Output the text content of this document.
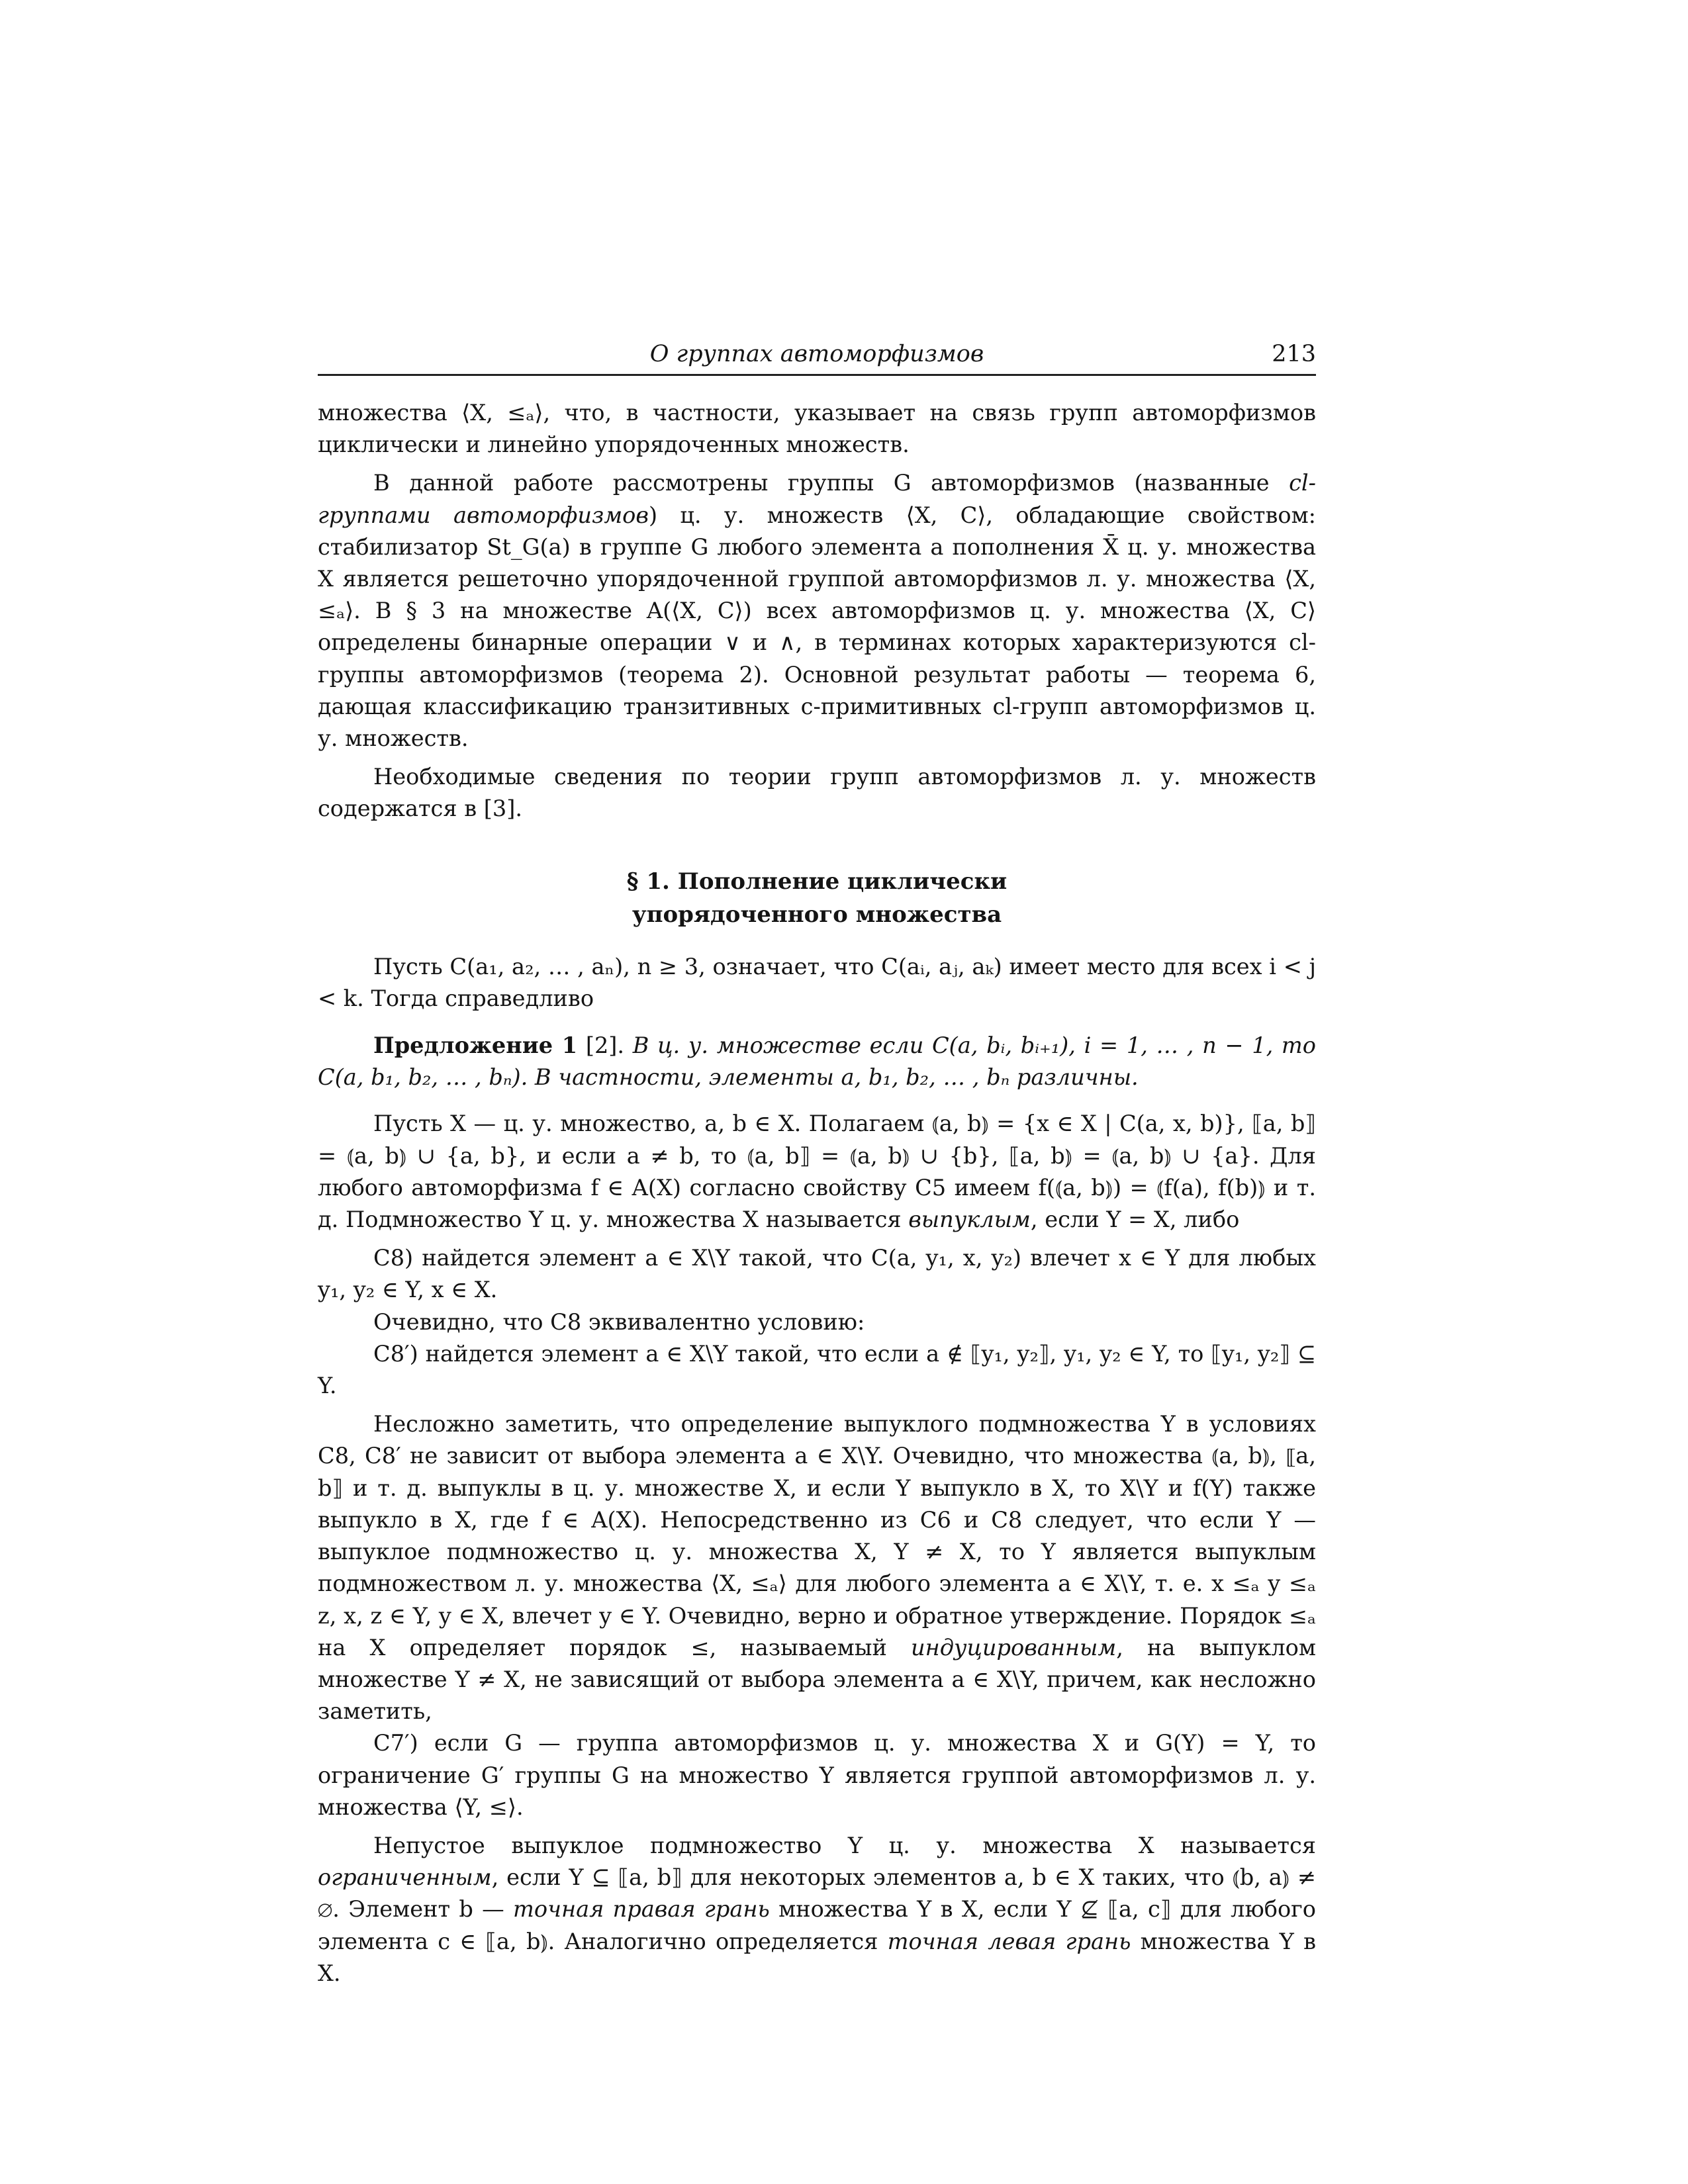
О группах автоморфизмов	213

множества ⟨X, ≤ₐ⟩, что, в частности, указывает на связь групп автоморфизмов циклически и линейно упорядоченных множеств.

В данной работе рассмотрены группы G автоморфизмов (названные cl-группами автоморфизмов) ц. у. множеств ⟨X, C⟩, обладающие свойством: стабилизатор St_G(a) в группе G любого элемента a пополнения X̄ ц. у. множества X является решеточно упорядоченной группой автоморфизмов л. у. множества ⟨X, ≤ₐ⟩. В § 3 на множестве A(⟨X, C⟩) всех автоморфизмов ц. у. множества ⟨X, C⟩ определены бинарные операции ∨ и ∧, в терминах которых характеризуются cl-группы автоморфизмов (теорема 2). Основной результат работы — теорема 6, дающая классификацию транзитивных c-примитивных cl-групп автоморфизмов ц. у. множеств.

Необходимые сведения по теории групп автоморфизмов л. у. множеств содержатся в [3].

§ 1. Пополнение циклически
упорядоченного множества

Пусть C(a₁, a₂, … , aₙ), n ≥ 3, означает, что C(aᵢ, aⱼ, aₖ) имеет место для всех i < j < k. Тогда справедливо

Предложение 1 [2]. В ц. у. множестве если C(a, bᵢ, bᵢ₊₁), i = 1, … , n − 1, то C(a, b₁, b₂, … , bₙ). В частности, элементы a, b₁, b₂, … , bₙ различны.

Пусть X — ц. у. множество, a, b ∈ X. Полагаем ⦅a, b⦆ = {x ∈ X | C(a, x, b)}, ⟦a, b⟧ = ⦅a, b⦆ ∪ {a, b}, и если a ≠ b, то ⦅a, b⟧ = ⦅a, b⦆ ∪ {b}, ⟦a, b⦆ = ⦅a, b⦆ ∪ {a}. Для любого автоморфизма f ∈ A(X) согласно свойству C5 имеем f(⦅a, b⦆) = ⦅f(a), f(b)⦆ и т. д. Подмножество Y ц. у. множества X называется выпуклым, если Y = X, либо

C8) найдется элемент a ∈ X\Y такой, что C(a, y₁, x, y₂) влечет x ∈ Y для любых y₁, y₂ ∈ Y, x ∈ X.

Очевидно, что C8 эквивалентно условию:

C8′) найдется элемент a ∈ X\Y такой, что если a ∉ ⟦y₁, y₂⟧, y₁, y₂ ∈ Y, то ⟦y₁, y₂⟧ ⊆ Y.

Несложно заметить, что определение выпуклого подмножества Y в условиях C8, C8′ не зависит от выбора элемента a ∈ X\Y. Очевидно, что множества ⦅a, b⦆, ⟦a, b⟧ и т. д. выпуклы в ц. у. множестве X, и если Y выпукло в X, то X\Y и f(Y) также выпукло в X, где f ∈ A(X). Непосредственно из C6 и C8 следует, что если Y — выпуклое подмножество ц. у. множества X, Y ≠ X, то Y является выпуклым подмножеством л. у. множества ⟨X, ≤ₐ⟩ для любого элемента a ∈ X\Y, т. е. x ≤ₐ y ≤ₐ z, x, z ∈ Y, y ∈ X, влечет y ∈ Y. Очевидно, верно и обратное утверждение. Порядок ≤ₐ на X определяет порядок ≤, называемый индуцированным, на выпуклом множестве Y ≠ X, не зависящий от выбора элемента a ∈ X\Y, причем, как несложно заметить,

C7′) если G — группа автоморфизмов ц. у. множества X и G(Y) = Y, то ограничение G′ группы G на множество Y является группой автоморфизмов л. у. множества ⟨Y, ≤⟩.

Непустое выпуклое подмножество Y ц. у. множества X называется ограниченным, если Y ⊆ ⟦a, b⟧ для некоторых элементов a, b ∈ X таких, что ⦅b, a⦆ ≠ ∅. Элемент b — точная правая грань множества Y в X, если Y ⊈ ⟦a, c⟧ для любого элемента c ∈ ⟦a, b⦆. Аналогично определяется точная левая грань множества Y в X.
